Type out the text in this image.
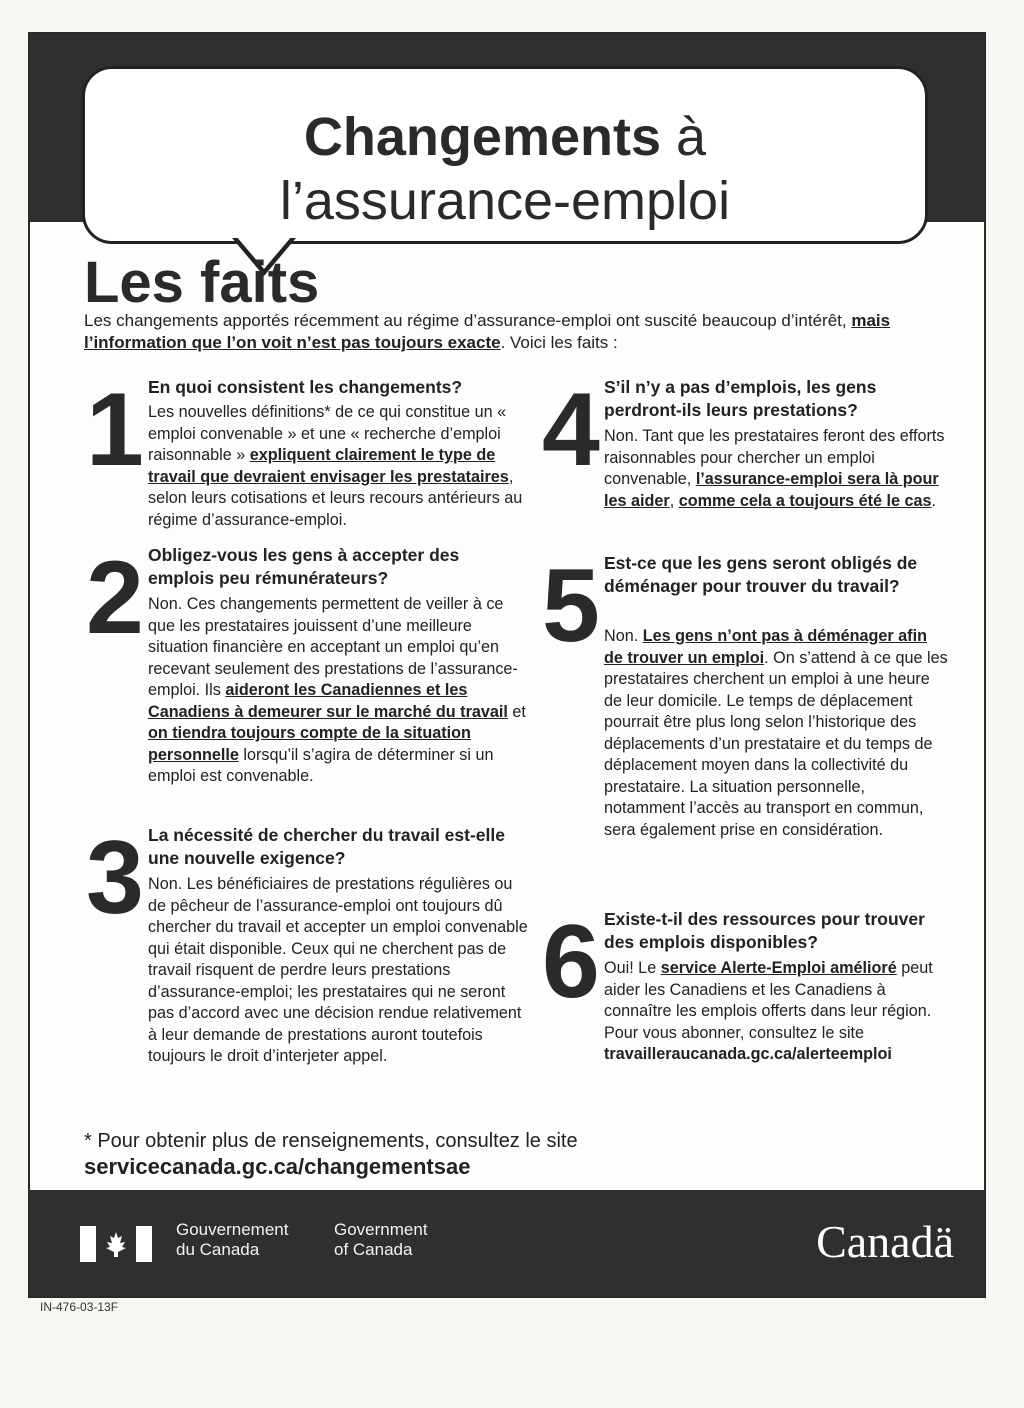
Changements à
l’assurance-emploi
Les faits
Les changements apportés récemment au régime d’assurance-emploi ont suscité beaucoup d’intérêt, mais l’information que l’on voit n’est pas toujours exacte. Voici les faits :
1 En quoi consistent les changements?
Les nouvelles définitions* de ce qui constitue un « emploi convenable » et une « recherche d’emploi raisonnable » expliquent clairement le type de travail que devraient envisager les prestataires, selon leurs cotisations et leurs recours antérieurs au régime d’assurance-emploi.
2 Obligez-vous les gens à accepter des emplois peu rémunérateurs?
Non. Ces changements permettent de veiller à ce que les prestataires jouissent d’une meilleure situation financière en acceptant un emploi qu’en recevant seulement des prestations de l’assurance-emploi. Ils aideront les Canadiennes et les Canadiens à demeurer sur le marché du travail et on tiendra toujours compte de la situation personnelle lorsqu’il s’agira de déterminer si un emploi est convenable.
3 La nécessité de chercher du travail est-elle une nouvelle exigence?
Non. Les bénéficiaires de prestations régulières ou de pêcheur de l’assurance-emploi ont toujours dû chercher du travail et accepter un emploi convenable qui était disponible. Ceux qui ne cherchent pas de travail risquent de perdre leurs prestations d’assurance-emploi; les prestataires qui ne seront pas d’accord avec une décision rendue relativement à leur demande de prestations auront toutefois toujours le droit d’interjeter appel.
4 S’il n’y a pas d’emplois, les gens perdront-ils leurs prestations?
Non. Tant que les prestataires feront des efforts raisonnables pour chercher un emploi convenable, l’assurance-emploi sera là pour les aider, comme cela a toujours été le cas.
5 Est-ce que les gens seront obligés de déménager pour trouver du travail?
Non. Les gens n’ont pas à déménager afin de trouver un emploi. On s’attend à ce que les prestataires cherchent un emploi à une heure de leur domicile. Le temps de déplacement pourrait être plus long selon l’historique des déplacements d’un prestataire et du temps de déplacement moyen dans la collectivité du prestataire. La situation personnelle, notamment l’accès au transport en commun, sera également prise en considération.
6 Existe-t-il des ressources pour trouver des emplois disponibles?
Oui! Le service Alerte-Emploi amélioré peut aider les Canadiens et les Canadiens à connaître les emplois offerts dans leur région. Pour vous abonner, consultez le site
travailleraucanada.gc.ca/alerteemploi
* Pour obtenir plus de renseignements, consultez le site
servicecanada.gc.ca/changementsae
Gouvernement
du Canada
Government
of Canada	Canadä
IN-476-03-13F
